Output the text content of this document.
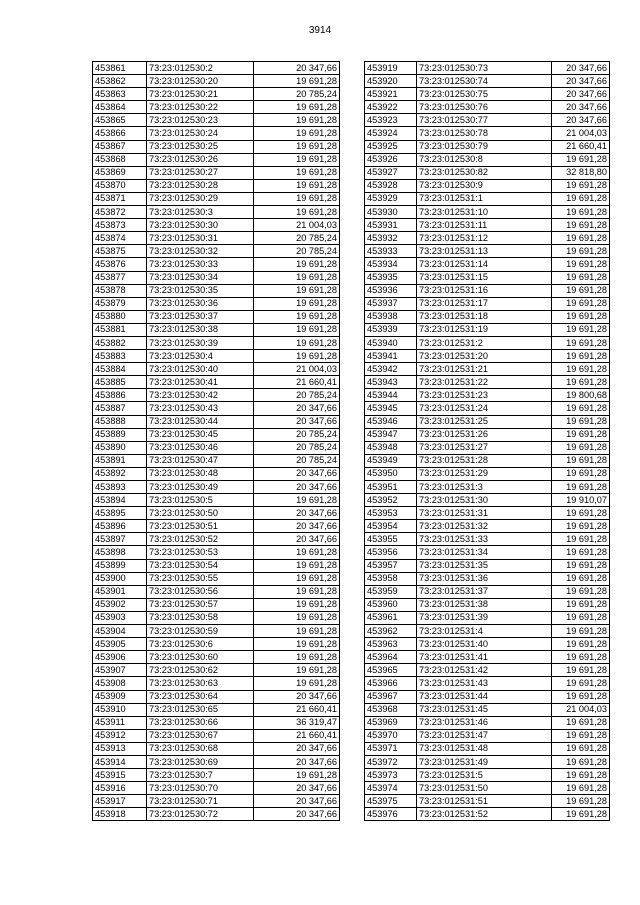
3914
453861	73:23:012530:2	20 347,66
453862	73:23:012530:20	19 691,28
453863	73:23:012530:21	20 785,24
453864	73:23:012530:22	19 691,28
453865	73:23:012530:23	19 691,28
453866	73:23:012530:24	19 691,28
453867	73:23:012530:25	19 691,28
453868	73:23:012530:26	19 691,28
453869	73:23:012530:27	19 691,28
453870	73:23:012530:28	19 691,28
453871	73:23:012530:29	19 691,28
453872	73:23:012530:3	19 691,28
453873	73:23:012530:30	21 004,03
453874	73:23:012530:31	20 785,24
453875	73:23:012530:32	20 785,24
453876	73:23:012530:33	19 691,28
453877	73:23:012530:34	19 691,28
453878	73:23:012530:35	19 691,28
453879	73:23:012530:36	19 691,28
453880	73:23:012530:37	19 691,28
453881	73:23:012530:38	19 691,28
453882	73:23:012530:39	19 691,28
453883	73:23:012530:4	19 691,28
453884	73:23:012530:40	21 004,03
453885	73:23:012530:41	21 660,41
453886	73:23:012530:42	20 785,24
453887	73:23:012530:43	20 347,66
453888	73:23:012530:44	20 347,66
453889	73:23:012530:45	20 785,24
453890	73:23:012530:46	20 785,24
453891	73:23:012530:47	20 785,24
453892	73:23:012530:48	20 347,66
453893	73:23:012530:49	20 347,66
453894	73:23:012530:5	19 691,28
453895	73:23:012530:50	20 347,66
453896	73:23:012530:51	20 347,66
453897	73:23:012530:52	20 347,66
453898	73:23:012530:53	19 691,28
453899	73:23:012530:54	19 691,28
453900	73:23:012530:55	19 691,28
453901	73:23:012530:56	19 691,28
453902	73:23:012530:57	19 691,28
453903	73:23:012530:58	19 691,28
453904	73:23:012530:59	19 691,28
453905	73:23:012530:6	19 691,28
453906	73:23:012530:60	19 691,28
453907	73:23:012530:62	19 691,28
453908	73:23:012530:63	19 691,28
453909	73:23:012530:64	20 347,66
453910	73:23:012530:65	21 660,41
453911	73:23:012530:66	36 319,47
453912	73:23:012530:67	21 660,41
453913	73:23:012530:68	20 347,66
453914	73:23:012530:69	20 347,66
453915	73:23:012530:7	19 691,28
453916	73:23:012530:70	20 347,66
453917	73:23:012530:71	20 347,66
453918	73:23:012530:72	20 347,66
453919	73:23:012530:73	20 347,66
453920	73:23:012530:74	20 347,66
453921	73:23:012530:75	20 347,66
453922	73:23:012530:76	20 347,66
453923	73:23:012530:77	20 347,66
453924	73:23:012530:78	21 004,03
453925	73:23:012530:79	21 660,41
453926	73:23:012530:8	19 691,28
453927	73:23:012530:82	32 818,80
453928	73:23:012530:9	19 691,28
453929	73:23:012531:1	19 691,28
453930	73:23:012531:10	19 691,28
453931	73:23:012531:11	19 691,28
453932	73:23:012531:12	19 691,28
453933	73:23:012531:13	19 691,28
453934	73:23:012531:14	19 691,28
453935	73:23:012531:15	19 691,28
453936	73:23:012531:16	19 691,28
453937	73:23:012531:17	19 691,28
453938	73:23:012531:18	19 691,28
453939	73:23:012531:19	19 691,28
453940	73:23:012531:2	19 691,28
453941	73:23:012531:20	19 691,28
453942	73:23:012531:21	19 691,28
453943	73:23:012531:22	19 691,28
453944	73:23:012531:23	19 800,68
453945	73:23:012531:24	19 691,28
453946	73:23:012531:25	19 691,28
453947	73:23:012531:26	19 691,28
453948	73:23:012531:27	19 691,28
453949	73:23:012531:28	19 691,28
453950	73:23:012531:29	19 691,28
453951	73:23:012531:3	19 691,28
453952	73:23:012531:30	19 910,07
453953	73:23:012531:31	19 691,28
453954	73:23:012531:32	19 691,28
453955	73:23:012531:33	19 691,28
453956	73:23:012531:34	19 691,28
453957	73:23:012531:35	19 691,28
453958	73:23:012531:36	19 691,28
453959	73:23:012531:37	19 691,28
453960	73:23:012531:38	19 691,28
453961	73:23:012531:39	19 691,28
453962	73:23:012531:4	19 691,28
453963	73:23:012531:40	19 691,28
453964	73:23:012531:41	19 691,28
453965	73:23:012531:42	19 691,28
453966	73:23:012531:43	19 691,28
453967	73:23:012531:44	19 691,28
453968	73:23:012531:45	21 004,03
453969	73:23:012531:46	19 691,28
453970	73:23:012531:47	19 691,28
453971	73:23:012531:48	19 691,28
453972	73:23:012531:49	19 691,28
453973	73:23:012531:5	19 691,28
453974	73:23:012531:50	19 691,28
453975	73:23:012531:51	19 691,28
453976	73:23:012531:52	19 691,28
